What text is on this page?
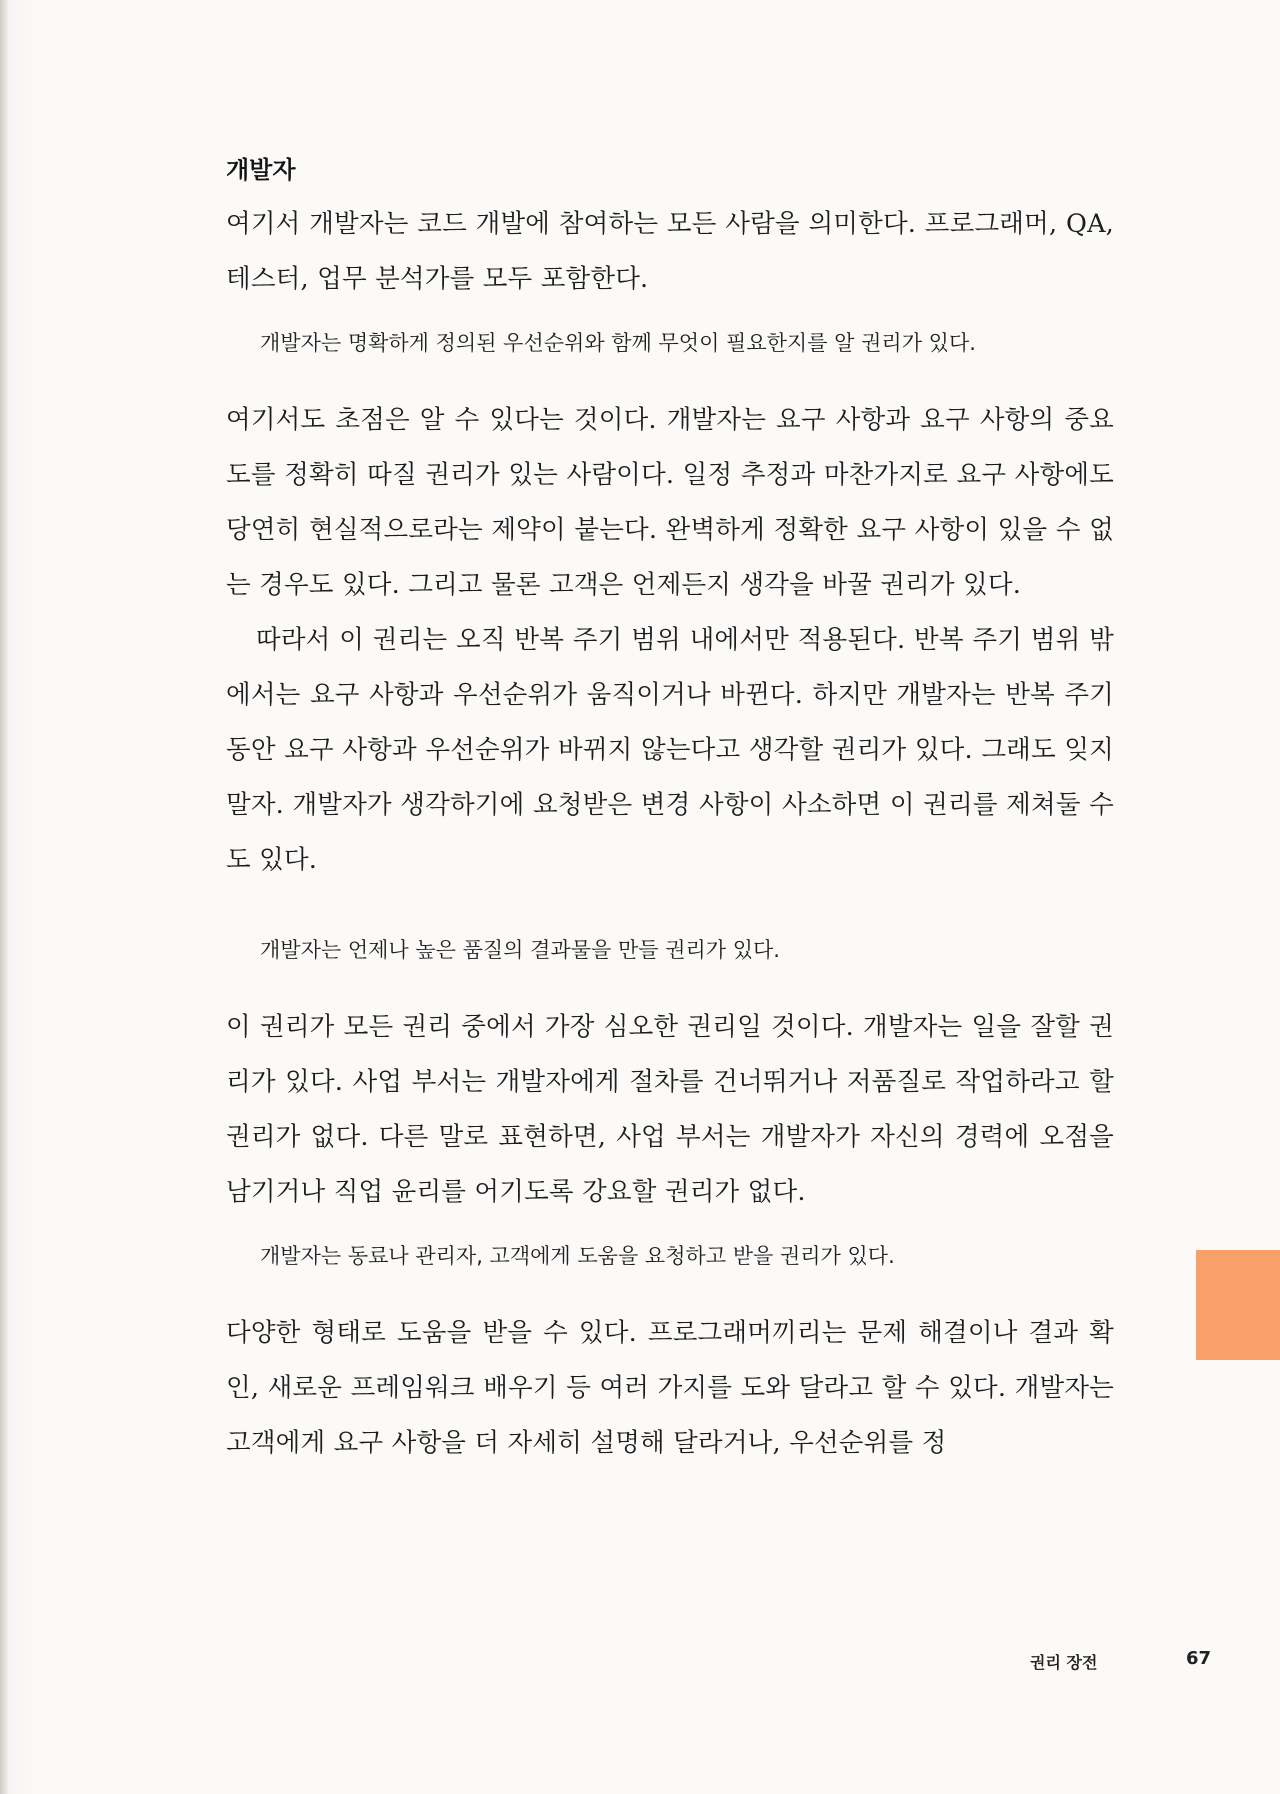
개발자

여기서 개발자는 코드 개발에 참여하는 모든 사람을 의미한다. 프로그래머, QA, 테스터, 업무 분석가를 모두 포함한다.

개발자는 명확하게 정의된 우선순위와 함께 무엇이 필요한지를 알 권리가 있다.

여기서도 초점은 알 수 있다는 것이다. 개발자는 요구 사항과 요구 사항의 중요도를 정확히 따질 권리가 있는 사람이다. 일정 추정과 마찬가지로 요구 사항에도 당연히 현실적으로라는 제약이 붙는다. 완벽하게 정확한 요구 사항이 있을 수 없는 경우도 있다. 그리고 물론 고객은 언제든지 생각을 바꿀 권리가 있다.

따라서 이 권리는 오직 반복 주기 범위 내에서만 적용된다. 반복 주기 범위 밖에서는 요구 사항과 우선순위가 움직이거나 바뀐다. 하지만 개발자는 반복 주기 동안 요구 사항과 우선순위가 바뀌지 않는다고 생각할 권리가 있다. 그래도 잊지 말자. 개발자가 생각하기에 요청받은 변경 사항이 사소하면 이 권리를 제쳐둘 수도 있다.

개발자는 언제나 높은 품질의 결과물을 만들 권리가 있다.

이 권리가 모든 권리 중에서 가장 심오한 권리일 것이다. 개발자는 일을 잘할 권리가 있다. 사업 부서는 개발자에게 절차를 건너뛰거나 저품질로 작업하라고 할 권리가 없다. 다른 말로 표현하면, 사업 부서는 개발자가 자신의 경력에 오점을 남기거나 직업 윤리를 어기도록 강요할 권리가 없다.

개발자는 동료나 관리자, 고객에게 도움을 요청하고 받을 권리가 있다.

다양한 형태로 도움을 받을 수 있다. 프로그래머끼리는 문제 해결이나 결과 확인, 새로운 프레임워크 배우기 등 여러 가지를 도와 달라고 할 수 있다. 개발자는 고객에게 요구 사항을 더 자세히 설명해 달라거나, 우선순위를 정

권리 장전	67
